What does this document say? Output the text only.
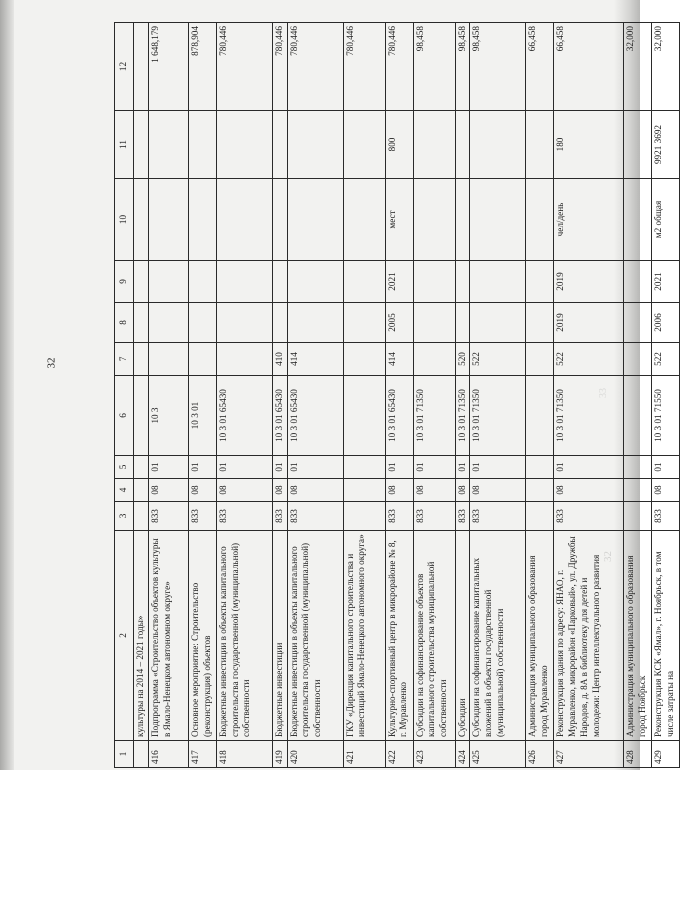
32
33
32
1	2	3	4	5	6	7	8	9	10	11	12
	культуры на 2014 – 2021 годы»										
416	Подпрограмма «Строительство объектов культуры в Ямало-Ненецком автономном округе»	833	08	01	10 3						1 648,179
417	Основное мероприятие: Строительство (реконструкция) объектов	833	08	01	10 3 01						878,904
418	Бюджетные инвестиции в объекты капитального строительства государственной (муниципальной) собственности	833	08	01	10 3 01 65430						780,446
419	Бюджетные инвестиции	833	08	01	10 3 01 65430	410					780,446
420	Бюджетные инвестиции в объекты капитального строительства государственной (муниципальной) собственности	833	08	01	10 3 01 65430	414					780,446
421	ГКУ «Дирекция капитального строительства и инвестиций Ямало-Ненецкого автономного округа»										780,446
422	Культурно-спортивный центр в микрорайоне № 8, г. Муравленко	833	08	01	10 3 01 65430	414	2005	2021	мест	800	780,446
423	Субсидии на софинансирование объектов капитального строительства муниципальной собственности	833	08	01	10 3 01 71350						98,458
424	Субсидии	833	08	01	10 3 01 71350	520					98,458
425	Субсидии на софинансирование капитальных вложений в объекты государственной (муниципальной) собственности	833	08	01	10 3 01 71350	522					98,458
426	Администрация муниципального образования город Муравленко										66,458
427	Реконструкция здания по адресу: ЯНАО, г. Муравленко, микрорайон «Парковый», ул. Дружбы Народов, д. 8А в библиотеку для детей и молодежи: Центр интеллектуального развития	833	08	01	10 3 01 71350	522	2019	2019	чел/день	180	66,458
428	Администрация муниципального образования город Ноябрьск										32,000
429	Реконструкция КСК «Ямал», г. Ноябрьск, в том числе затраты на	833	08	01	10 3 01 71550	522	2006	2021	м2 общая	9921 3692	32,000
